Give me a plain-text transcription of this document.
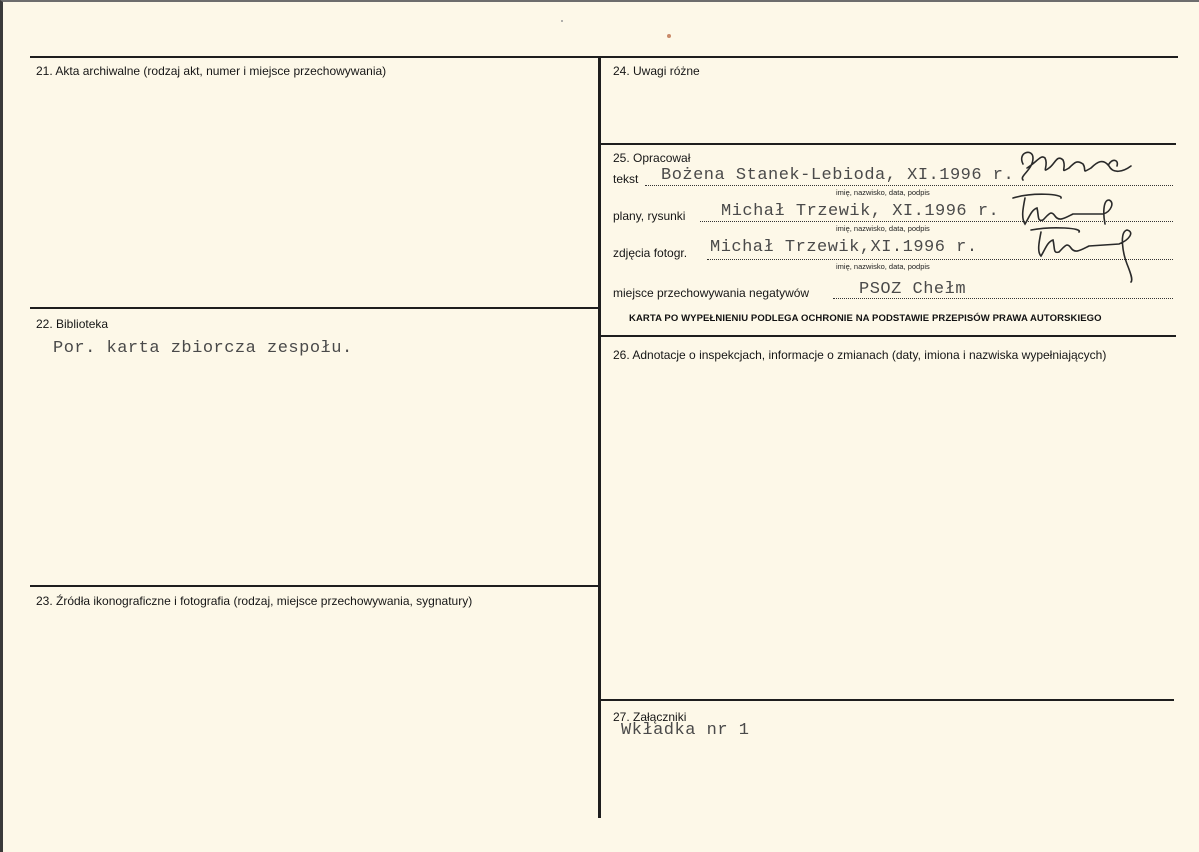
21. Akta archiwalne (rodzaj akt, numer i miejsce przechowywania)
22. Biblioteka
Por. karta zbiorcza zespołu.
23. Źródła ikonograficzne i fotografia (rodzaj, miejsce przechowywania, sygnatury)
24. Uwagi różne
25. Opracował
tekst Bożena Stanek-Lebioda, XI.1996 r.
imię, nazwisko, data, podpis
plany, rysunki Michał Trzewik, XI.1996 r.
imię, nazwisko, data, podpis
zdjęcia fotogr. Michał Trzewik,XI.1996 r.
imię, nazwisko, data, podpis
miejsce przechowywania negatywów	PSOZ Chełm
KARTA PO WYPEŁNIENIU PODLEGA OCHRONIE NA PODSTAWIE PRZEPISÓW PRAWA AUTORSKIEGO
26. Adnotacje o inspekcjach, informacje o zmianach (daty, imiona i nazwiska wypełniających)
27. Załączniki
Wkładka nr 1
